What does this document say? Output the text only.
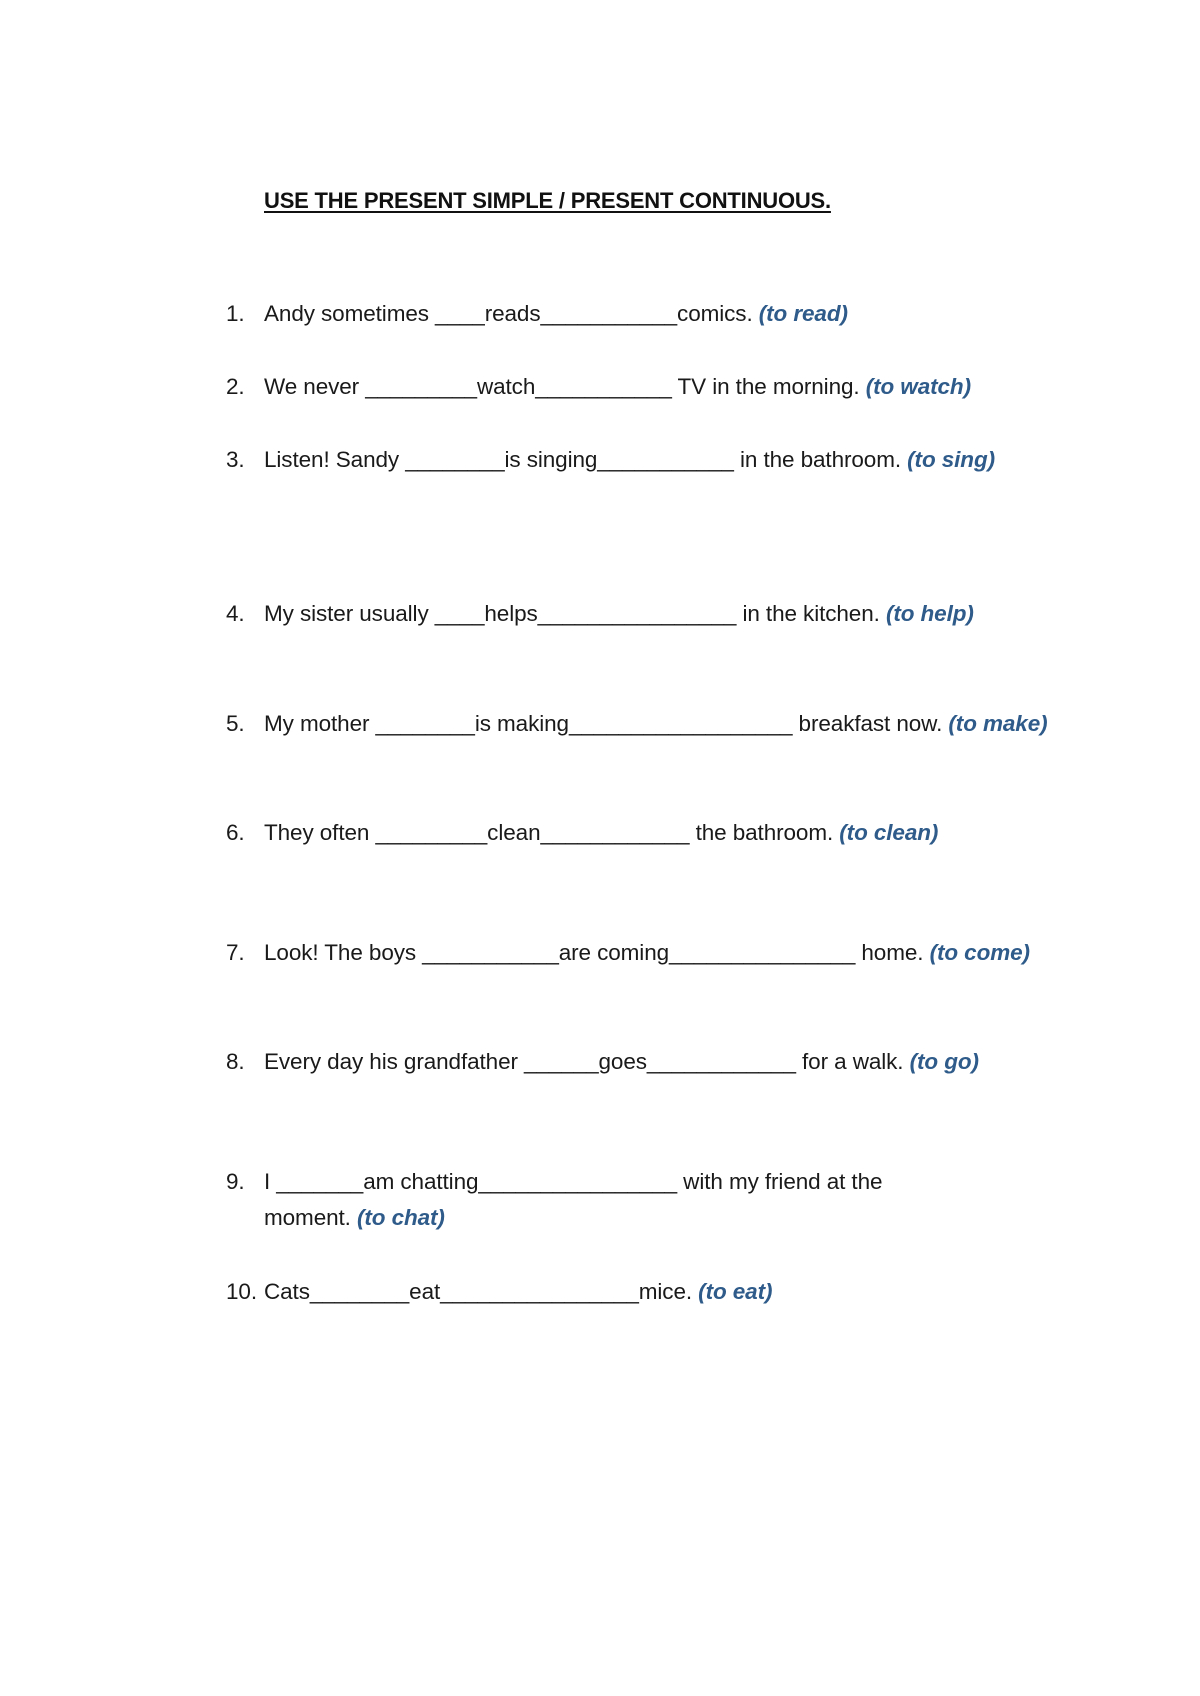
USE THE PRESENT SIMPLE / PRESENT CONTINUOUS.
1. Andy sometimes ____reads___________comics. (to read)
2. We never _________watch___________ TV in the morning. (to watch)
3. Listen! Sandy ________is singing___________ in the bathroom. (to sing)
4. My sister usually ____helps________________ in the kitchen. (to help)
5. My mother ________is making__________________ breakfast now. (to make)
6. They often _________clean____________ the bathroom. (to clean)
7. Look! The boys ___________are coming_______________ home. (to come)
8. Every day his grandfather ______goes____________ for a walk. (to go)
9. I _______am chatting________________ with my friend at the moment. (to chat)
10. Cats________eat________________mice. (to eat)
